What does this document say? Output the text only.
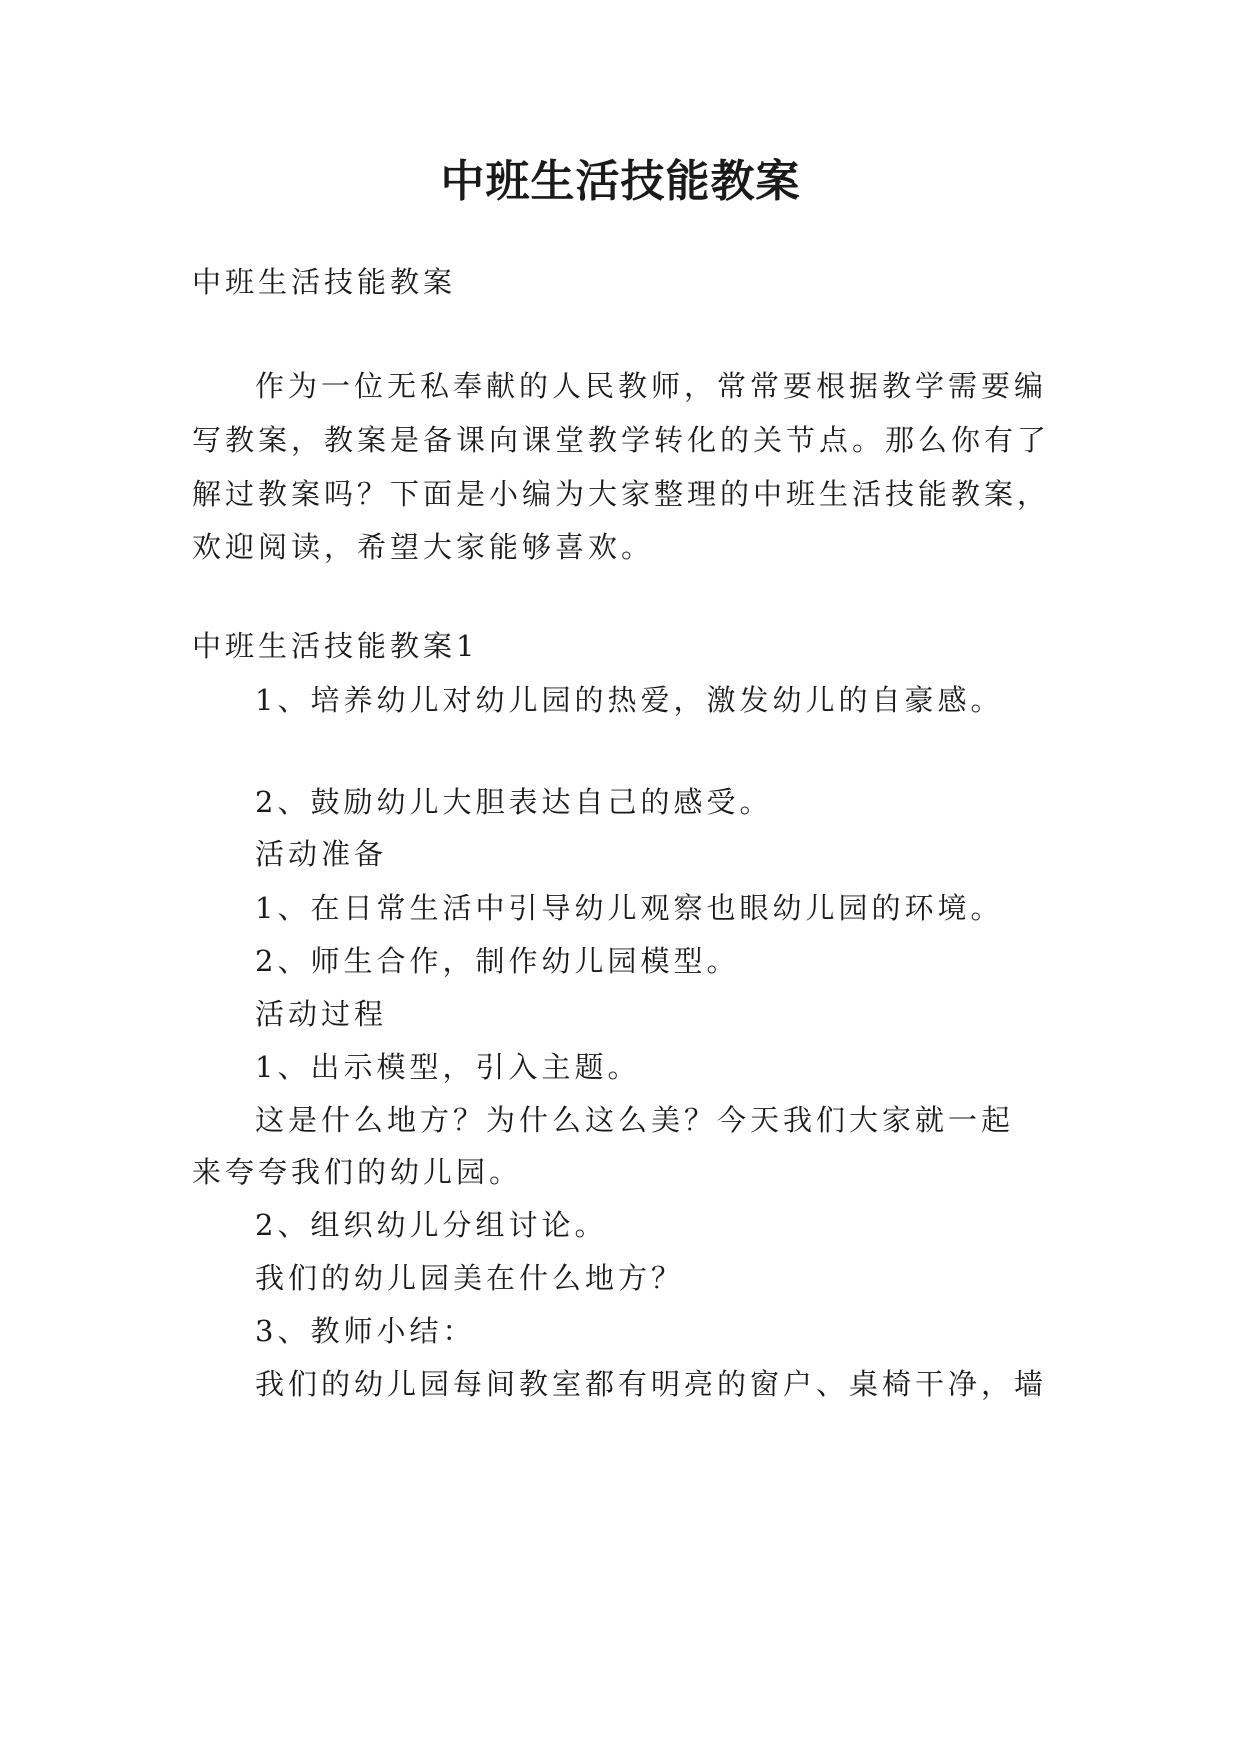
中班生活技能教案
中班生活技能教案
作为一位无私奉献的人民教师，常常要根据教学需要编
写教案，教案是备课向课堂教学转化的关节点。那么你有了
解过教案吗？下面是小编为大家整理的中班生活技能教案，
欢迎阅读，希望大家能够喜欢。
中班生活技能教案1
1、培养幼儿对幼儿园的热爱，激发幼儿的自豪感。
2、鼓励幼儿大胆表达自己的感受。
活动准备
1、在日常生活中引导幼儿观察也眼幼儿园的环境。
2、师生合作，制作幼儿园模型。
活动过程
1、出示模型，引入主题。
这是什么地方？为什么这么美？今天我们大家就一起
来夸夸我们的幼儿园。
2、组织幼儿分组讨论。
我们的幼儿园美在什么地方？
3、教师小结：
我们的幼儿园每间教室都有明亮的窗户、桌椅干净，墙
